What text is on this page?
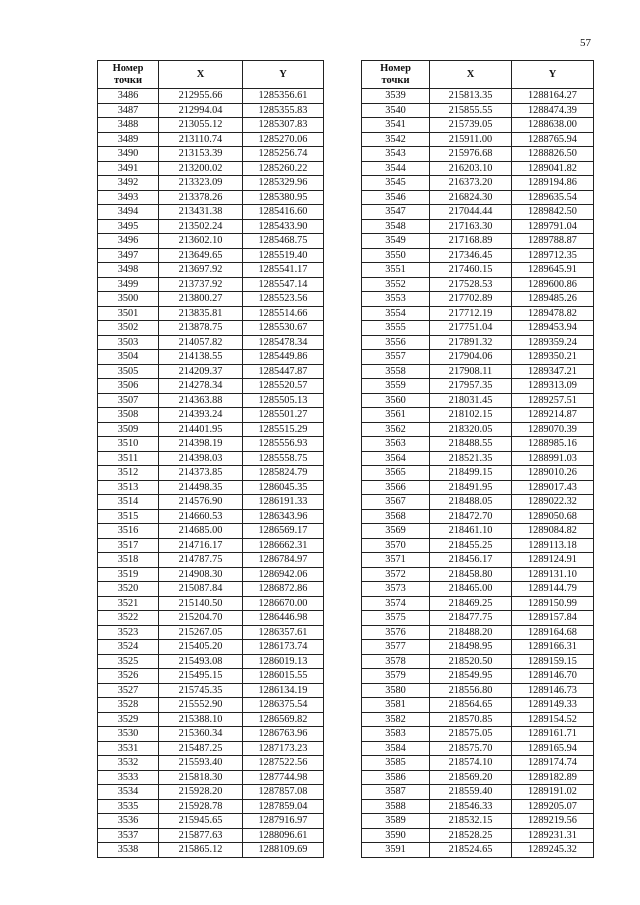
57
Номер
точки	X	Y
3486	212955.66	1285356.61
3487	212994.04	1285355.83
3488	213055.12	1285307.83
3489	213110.74	1285270.06
3490	213153.39	1285256.74
3491	213200.02	1285260.22
3492	213323.09	1285329.96
3493	213378.26	1285380.95
3494	213431.38	1285416.60
3495	213502.24	1285433.90
3496	213602.10	1285468.75
3497	213649.65	1285519.40
3498	213697.92	1285541.17
3499	213737.92	1285547.14
3500	213800.27	1285523.56
3501	213835.81	1285514.66
3502	213878.75	1285530.67
3503	214057.82	1285478.34
3504	214138.55	1285449.86
3505	214209.37	1285447.87
3506	214278.34	1285520.57
3507	214363.88	1285505.13
3508	214393.24	1285501.27
3509	214401.95	1285515.29
3510	214398.19	1285556.93
3511	214398.03	1285558.75
3512	214373.85	1285824.79
3513	214498.35	1286045.35
3514	214576.90	1286191.33
3515	214660.53	1286343.96
3516	214685.00	1286569.17
3517	214716.17	1286662.31
3518	214787.75	1286784.97
3519	214908.30	1286942.06
3520	215087.84	1286872.86
3521	215140.50	1286670.00
3522	215204.70	1286446.98
3523	215267.05	1286357.61
3524	215405.20	1286173.74
3525	215493.08	1286019.13
3526	215495.15	1286015.55
3527	215745.35	1286134.19
3528	215552.90	1286375.54
3529	215388.10	1286569.82
3530	215360.34	1286763.96
3531	215487.25	1287173.23
3532	215593.40	1287522.56
3533	215818.30	1287744.98
3534	215928.20	1287857.08
3535	215928.78	1287859.04
3536	215945.65	1287916.97
3537	215877.63	1288096.61
3538	215865.12	1288109.69
Номер
точки	X	Y
3539	215813.35	1288164.27
3540	215855.55	1288474.39
3541	215739.05	1288638.00
3542	215911.00	1288765.94
3543	215976.68	1288826.50
3544	216203.10	1289041.82
3545	216373.20	1289194.86
3546	216824.30	1289635.54
3547	217044.44	1289842.50
3548	217163.30	1289791.04
3549	217168.89	1289788.87
3550	217346.45	1289712.35
3551	217460.15	1289645.91
3552	217528.53	1289600.86
3553	217702.89	1289485.26
3554	217712.19	1289478.82
3555	217751.04	1289453.94
3556	217891.32	1289359.24
3557	217904.06	1289350.21
3558	217908.11	1289347.21
3559	217957.35	1289313.09
3560	218031.45	1289257.51
3561	218102.15	1289214.87
3562	218320.05	1289070.39
3563	218488.55	1288985.16
3564	218521.35	1288991.03
3565	218499.15	1289010.26
3566	218491.95	1289017.43
3567	218488.05	1289022.32
3568	218472.70	1289050.68
3569	218461.10	1289084.82
3570	218455.25	1289113.18
3571	218456.17	1289124.91
3572	218458.80	1289131.10
3573	218465.00	1289144.79
3574	218469.25	1289150.99
3575	218477.75	1289157.84
3576	218488.20	1289164.68
3577	218498.95	1289166.31
3578	218520.50	1289159.15
3579	218549.95	1289146.70
3580	218556.80	1289146.73
3581	218564.65	1289149.33
3582	218570.85	1289154.52
3583	218575.05	1289161.71
3584	218575.70	1289165.94
3585	218574.10	1289174.74
3586	218569.20	1289182.89
3587	218559.40	1289191.02
3588	218546.33	1289205.07
3589	218532.15	1289219.56
3590	218528.25	1289231.31
3591	218524.65	1289245.32
